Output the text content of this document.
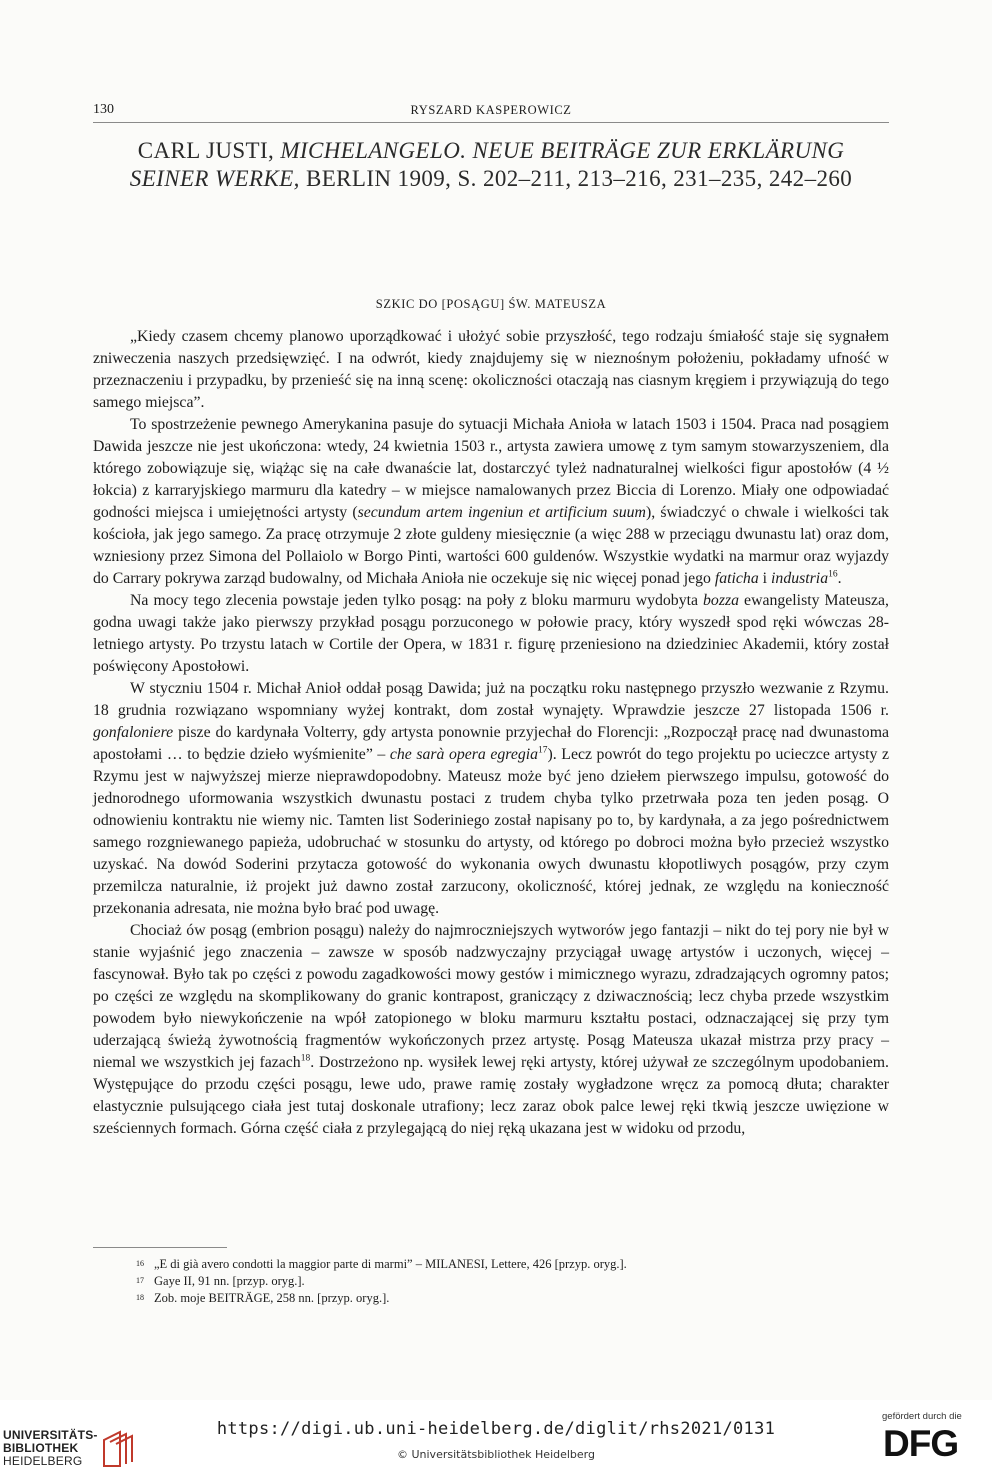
130	RYSZARD KASPEROWICZ
CARL JUSTI, MICHELANGELO. NEUE BEITRÄGE ZUR ERKLÄRUNG
SEINER WERKE, BERLIN 1909, S. 202–211, 213–216, 231–235, 242–260
SZKIC DO [POSĄGU] ŚW. MATEUSZA

„Kiedy czasem chcemy planowo uporządkować i ułożyć sobie przyszłość, tego rodzaju śmiałość staje się sygnałem zniweczenia naszych przedsięwzięć. I na odwrót, kiedy znajdujemy się w nieznośnym położeniu, pokładamy ufność w przeznaczeniu i przypadku, by przenieść się na inną scenę: okoliczności otaczają nas ciasnym kręgiem i przywiązują do tego samego miejsca”.

To spostrzeżenie pewnego Amerykanina pasuje do sytuacji Michała Anioła w latach 1503 i 1504. Praca nad posągiem Dawida jeszcze nie jest ukończona: wtedy, 24 kwietnia 1503 r., artysta zawiera umowę z tym samym stowarzyszeniem, dla którego zobowiązuje się, wiążąc się na całe dwanaście lat, dostarczyć tyleż nadnaturalnej wielkości figur apostołów (4 ½ łokcia) z karraryjskiego marmuru dla katedry – w miejsce namalowanych przez Biccia di Lorenzo. Miały one odpowiadać godności miejsca i umiejętności artysty (secundum artem ingeniun et artificium suum), świadczyć o chwale i wielkości tak kościoła, jak jego samego. Za pracę otrzymuje 2 złote guldeny miesięcznie (a więc 288 w przeciągu dwunastu lat) oraz dom, wzniesiony przez Simona del Pollaiolo w Borgo Pinti, wartości 600 guldenów. Wszystkie wydatki na marmur oraz wyjazdy do Carrary pokrywa zarząd budowalny, od Michała Anioła nie oczekuje się nic więcej ponad jego faticha i industria$^{16}$.

Na mocy tego zlecenia powstaje jeden tylko posąg: na poły z bloku marmuru wydobyta bozza ewangelisty Mateusza, godna uwagi także jako pierwszy przykład posągu porzuconego w połowie pracy, który wyszedł spod ręki wówczas 28-letniego artysty. Po trzystu latach w Cortile der Opera, w 1831 r. figurę przeniesiono na dziedziniec Akademii, który został poświęcony Apostołowi.

W styczniu 1504 r. Michał Anioł oddał posąg Dawida; już na początku roku następnego przyszło wezwanie z Rzymu. 18 grudnia rozwiązano wspomniany wyżej kontrakt, dom został wynajęty. Wprawdzie jeszcze 27 listopada 1506 r. gonfaloniere pisze do kardynała Volterry, gdy artysta ponownie przyjechał do Florencji: „Rozpoczął pracę nad dwunastoma apostołami … to będzie dzieło wyśmienite” – che sarà opera egregia$^{17}$). Lecz powrót do tego projektu po ucieczce artysty z Rzymu jest w najwyższej mierze nieprawdopodobny. Mateusz może być jeno dziełem pierwszego impulsu, gotowość do jednorodnego uformowania wszystkich dwunastu postaci z trudem chyba tylko przetrwała poza ten jeden posąg. O odnowieniu kontraktu nie wiemy nic. Tamten list Soderiniego został napisany po to, by kardynała, a za jego pośrednictwem samego rozgniewanego papieża, udobruchać w stosunku do artysty, od którego po dobroci można było przecież wszystko uzyskać. Na dowód Soderini przytacza gotowość do wykonania owych dwunastu kłopotliwych posągów, przy czym przemilcza naturalnie, iż projekt już dawno został zarzucony, okoliczność, której jednak, ze względu na konieczność przekonania adresata, nie można było brać pod uwagę.

Chociaż ów posąg (embrion posągu) należy do najmroczniejszych wytworów jego fantazji – nikt do tej pory nie był w stanie wyjaśnić jego znaczenia – zawsze w sposób nadzwyczajny przyciągał uwagę artystów i uczonych, więcej – fascynował. Było tak po części z powodu zagadkowości mowy gestów i mimicznego wyrazu, zdradzających ogromny patos; po części ze względu na skomplikowany do granic kontrapost, graniczący z dziwacznością; lecz chyba przede wszystkim powodem było niewykończenie na wpół zatopionego w bloku marmuru kształtu postaci, odznaczającej się przy tym uderzającą świeżą żywotnością fragmentów wykończonych przez artystę. Posąg Mateusza ukazał mistrza przy pracy – niemal we wszystkich jej fazach$^{18}$. Dostrzeżono np. wysiłek lewej ręki artysty, której używał ze szczególnym upodobaniem. Występujące do przodu części posągu, lewe udo, prawe ramię zostały wygładzone wręcz za pomocą dłuta; charakter elastycznie pulsującego ciała jest tutaj doskonale utrafiony; lecz zaraz obok palce lewej ręki tkwią jeszcze uwięzione w sześciennych formach. Górna część ciała z przylegającą do niej ręką ukazana jest w widoku od przodu,

16 „E di già avero condotti la maggior parte di marmi” – MILANESI, Lettere, 426 [przyp. oryg.].
17 Gaye II, 91 nn. [przyp. oryg.].
18 Zob. moje BEITRÄGE, 258 nn. [przyp. oryg.].
UNIVERSITÄTS-
BIBLIOTHEK
HEIDELBERG
https://digi.ub.uni-heidelberg.de/diglit/rhs2021/0131
© Universitätsbibliothek Heidelberg
gefördert durch die
DFG
